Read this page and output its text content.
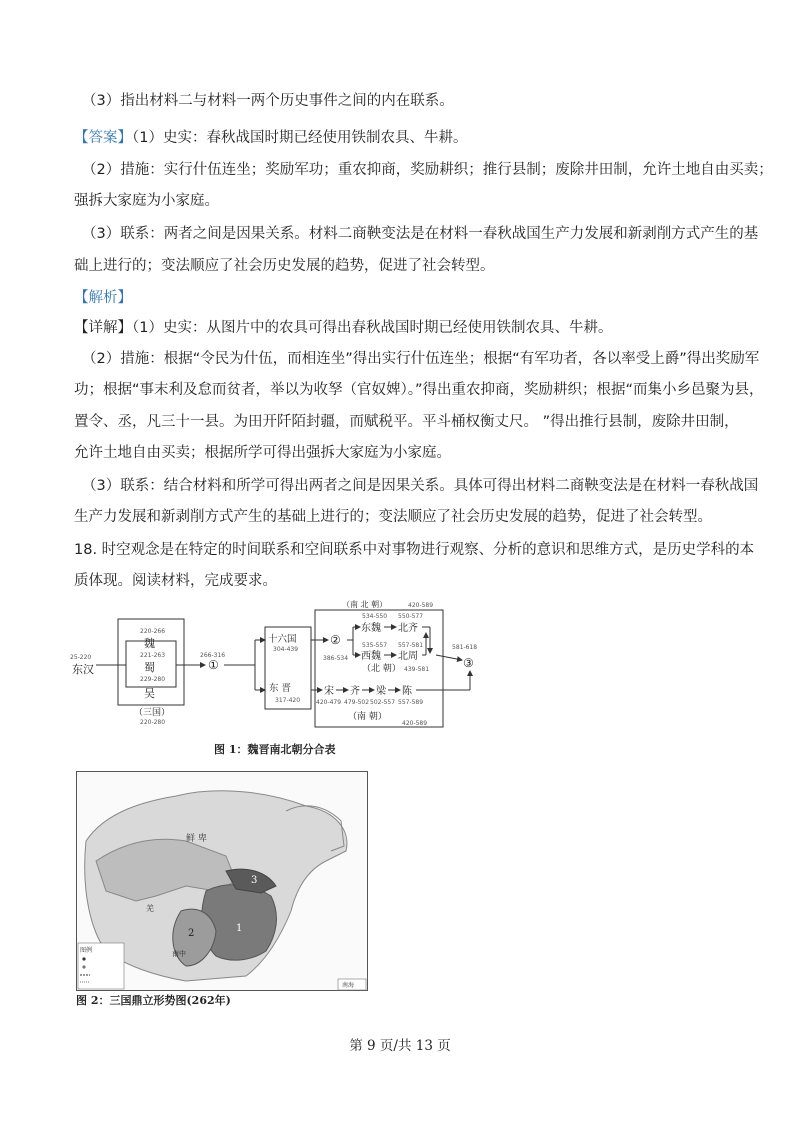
（3）指出材料二与材料一两个历史事件之间的内在联系。
【答案】（1）史实：春秋战国时期已经使用铁制农具、牛耕。
（2）措施：实行什伍连坐；奖励军功；重农抑商，奖励耕织；推行县制；废除井田制，允许土地自由买卖；
强拆大家庭为小家庭。
（3）联系：两者之间是因果关系。材料二商鞅变法是在材料一春秋战国生产力发展和新剥削方式产生的基
础上进行的；变法顺应了社会历史发展的趋势，促进了社会转型。
【解析】
【详解】（1）史实：从图片中的农具可得出春秋战国时期已经使用铁制农具、牛耕。
（2）措施：根据“令民为什伍，而相连坐”得出实行什伍连坐；根据“有军功者，各以率受上爵”得出奖励军
功；根据“事末利及怠而贫者，举以为收孥（官奴婢）。”得出重农抑商，奖励耕织；根据“而集小乡邑聚为县，
置令、丞，凡三十一县。为田开阡陌封疆，而赋税平。平斗桶权衡丈尺。 ”得出推行县制，废除井田制，
允许土地自由买卖；根据所学可得出强拆大家庭为小家庭。
（3）联系：结合材料和所学可得出两者之间是因果关系。具体可得出材料二商鞅变法是在材料一春秋战国
生产力发展和新剥削方式产生的基础上进行的；变法顺应了社会历史发展的趋势，促进了社会转型。
18. 时空观念是在特定的时间联系和空间联系中对事物进行观察、分析的意识和思维方式，是历史学科的本
质体现。阅读材料，完成要求。
220-266
魏
221-263
蜀
229-280
吴
（三国）
220-280
25-220
东汉
266-316
①
十六国
304-439
东 晋
317-420
（南 北 朝）	420-589
②
386-534
534-550
东魏
550-577
北齐
535-557
西魏
557-581
北周
（北 朝） 439-581
581-618
③
宋 齐 梁 陈
420-479 479-502 502-557 557-589
（南 朝）
420-589
图 1：魏晋南北朝分合表
鲜 卑
羌
1
2
3
南中
图例
南海
图 2：三国鼎立形势图(262年)
第 9 页/共 13 页
